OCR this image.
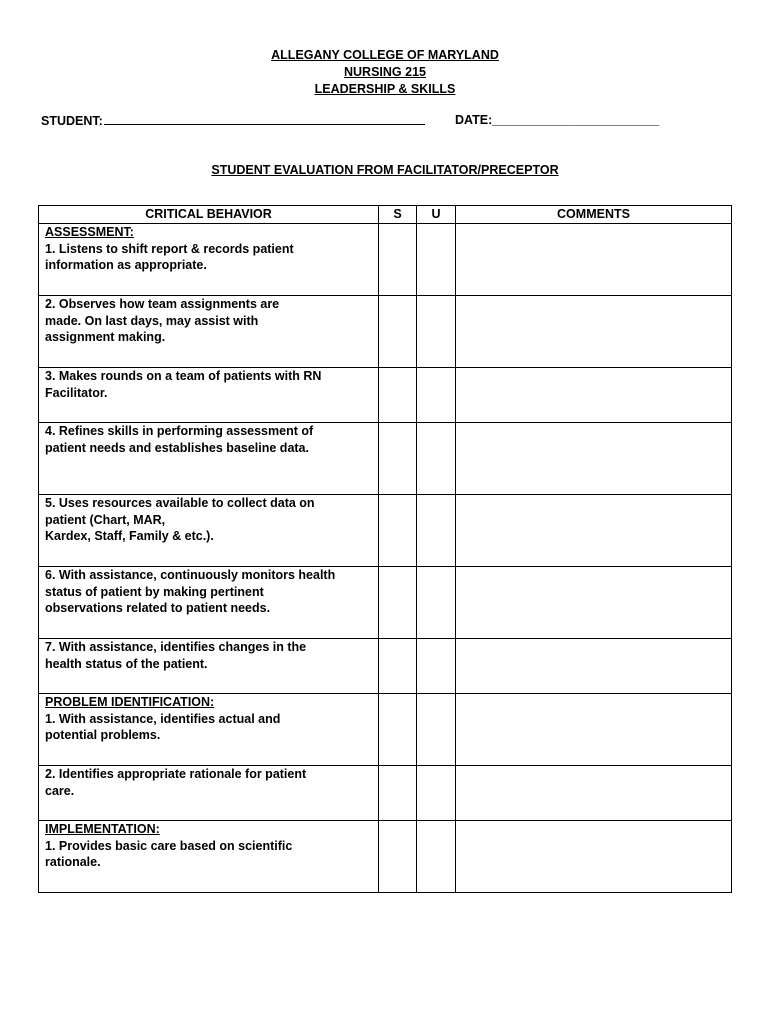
ALLEGANY COLLEGE OF MARYLAND
NURSING 215
LEADERSHIP & SKILLS
STUDENT:	DATE:________________________
STUDENT EVALUATION FROM FACILITATOR/PRECEPTOR
CRITICAL BEHAVIOR	S	U	COMMENTS

ASSESSMENT:
1. Listens to shift report & records patient
information as appropriate.			

2. Observes how team assignments are
made. On last days, may assist with
assignment making.			

3. Makes rounds on a team of patients with RN
Facilitator.			

4. Refines skills in performing assessment of
patient needs and establishes baseline data.			

5. Uses resources available to collect data on
patient (Chart, MAR,
Kardex, Staff, Family & etc.).			

6. With assistance, continuously monitors health
status of patient by making pertinent
observations related to patient needs.			

7. With assistance, identifies changes in the
health status of the patient.			

PROBLEM IDENTIFICATION:
1. With assistance, identifies actual and
potential problems.			

2. Identifies appropriate rationale for patient
care.			

IMPLEMENTATION:
1. Provides basic care based on scientific
rationale.			
